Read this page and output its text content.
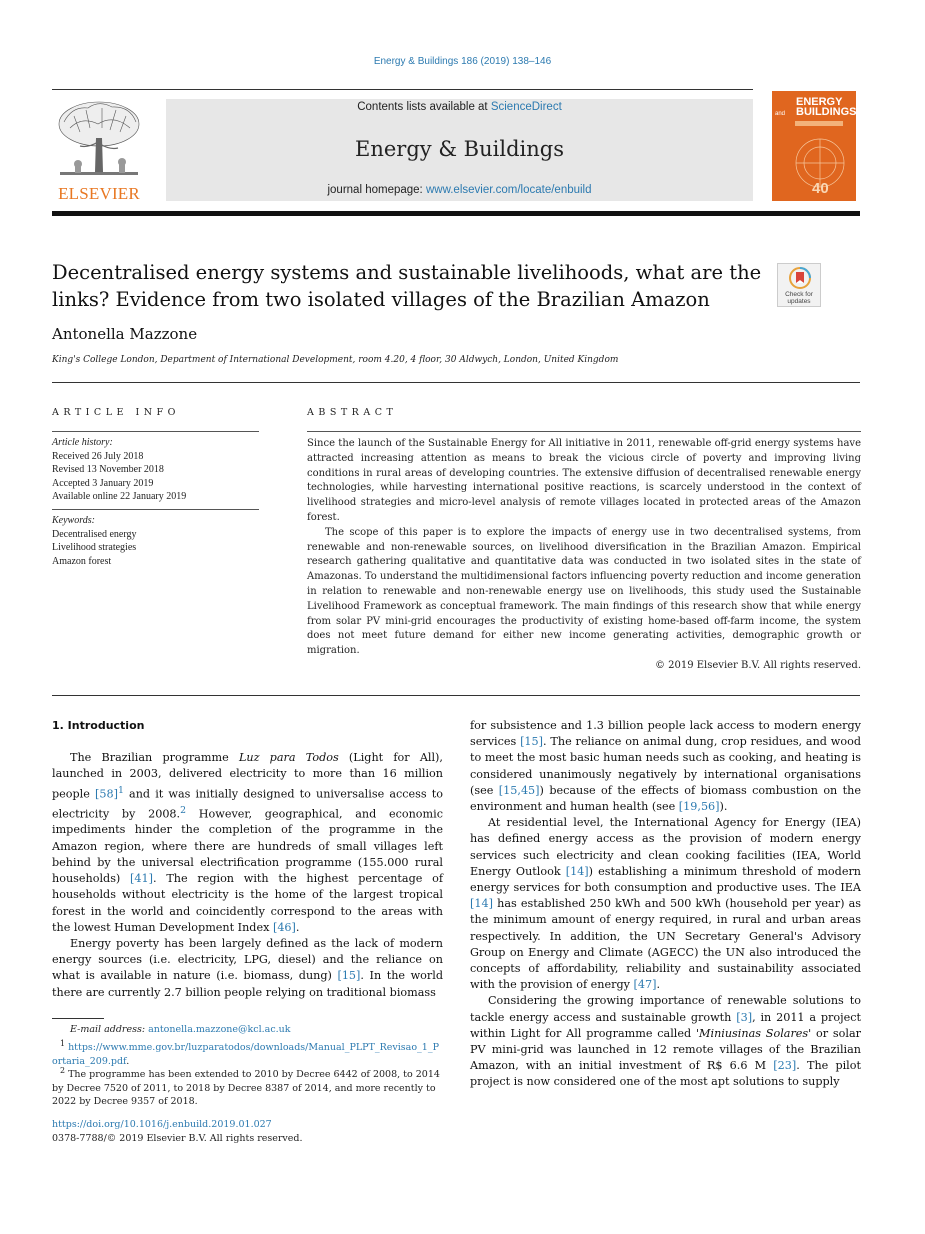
Energy & Buildings 186 (2019) 138–146
ELSEVIER
Contents lists available at ScienceDirect
Energy & Buildings
journal homepage: www.elsevier.com/locate/enbuild
ENERGY
BUILDINGS
and
40
Decentralised energy systems and sustainable livelihoods, what are the links? Evidence from two isolated villages of the Brazilian Amazon	Check for updates
Antonella Mazzone
King's College London, Department of International Development, room 4.20, 4 floor, 30 Aldwych, London, United Kingdom
ARTICLE INFO
Article history:
Received 26 July 2018
Revised 13 November 2018
Accepted 3 January 2019
Available online 22 January 2019
Keywords:
Decentralised energy
Livelihood strategies
Amazon forest
ABSTRACT

Since the launch of the Sustainable Energy for All initiative in 2011, renewable off-grid energy systems have attracted increasing attention as means to break the vicious circle of poverty and improving living conditions in rural areas of developing countries. The extensive diffusion of decentralised renewable energy technologies, while harvesting international positive reactions, is scarcely understood in the context of livelihood strategies and micro-level analysis of remote villages located in protected areas of the Amazon forest.

The scope of this paper is to explore the impacts of energy use in two decentralised systems, from renewable and non-renewable sources, on livelihood diversification in the Brazilian Amazon. Empirical research gathering qualitative and quantitative data was conducted in two isolated sites in the state of Amazonas. To understand the multidimensional factors influencing poverty reduction and income generation in relation to renewable and non-renewable energy use on livelihoods, this study used the Sustainable Livelihood Framework as conceptual framework. The main findings of this research show that while energy from solar PV mini-grid encourages the productivity of existing home-based off-farm income, the system does not meet future demand for either new income generating activities, demographic growth or migration.

© 2019 Elsevier B.V. All rights reserved.
1. Introduction

The Brazilian programme Luz para Todos (Light for All), launched in 2003, delivered electricity to more than 16 million people $[58]^1$ and it was initially designed to universalise access to electricity by 2008.$^2$ However, geographical, and economic impediments hinder the completion of the programme in the Amazon region, where there are hundreds of small villages left behind by the universal electrification programme (155.000 rural households) [41]. The region with the highest percentage of households without electricity is the home of the largest tropical forest in the world and coincidently correspond to the areas with the lowest Human Development Index [46].

Energy poverty has been largely defined as the lack of modern energy sources (i.e. electricity, LPG, diesel) and the reliance on what is available in nature (i.e. biomass, dung) [15]. In the world there are currently 2.7 billion people relying on traditional biomass

E-mail address: antonella.mazzone@kcl.ac.uk
$^1$ https://www.mme.gov.br/luzparatodos/downloads/Manual_PLPT_Revisao_1_Portaria_209.pdf.
$^2$ The programme has been extended to 2010 by Decree 6442 of 2008, to 2014 by Decree 7520 of 2011, to 2018 by Decree 8387 of 2014, and more recently to 2022 by Decree 9357 of 2018.
https://doi.org/10.1016/j.enbuild.2019.01.027
0378-7788/© 2019 Elsevier B.V. All rights reserved.

for subsistence and 1.3 billion people lack access to modern energy services [15]. The reliance on animal dung, crop residues, and wood to meet the most basic human needs such as cooking, and heating is considered unanimously negatively by international organisations (see [15,45]) because of the effects of biomass combustion on the environment and human health (see [19,56]).

At residential level, the International Agency for Energy (IEA) has defined energy access as the provision of modern energy services such electricity and clean cooking facilities (IEA, World Energy Outlook [14]) establishing a minimum threshold of modern energy services for both consumption and productive uses. The IEA [14] has established 250 kWh and 500 kWh (household per year) as the minimum amount of energy required, in rural and urban areas respectively. In addition, the UN Secretary General's Advisory Group on Energy and Climate (AGECC) the UN also introduced the concepts of affordability, reliability and sustainability associated with the provision of energy [47].

Considering the growing importance of renewable solutions to tackle energy access and sustainable growth [3], in 2011 a project within Light for All programme called 'Miniusinas Solares' or solar PV mini-grid was launched in 12 remote villages of the Brazilian Amazon, with an initial investment of R$ 6.6 M [23]. The pilot project is now considered one of the most apt solutions to supply
